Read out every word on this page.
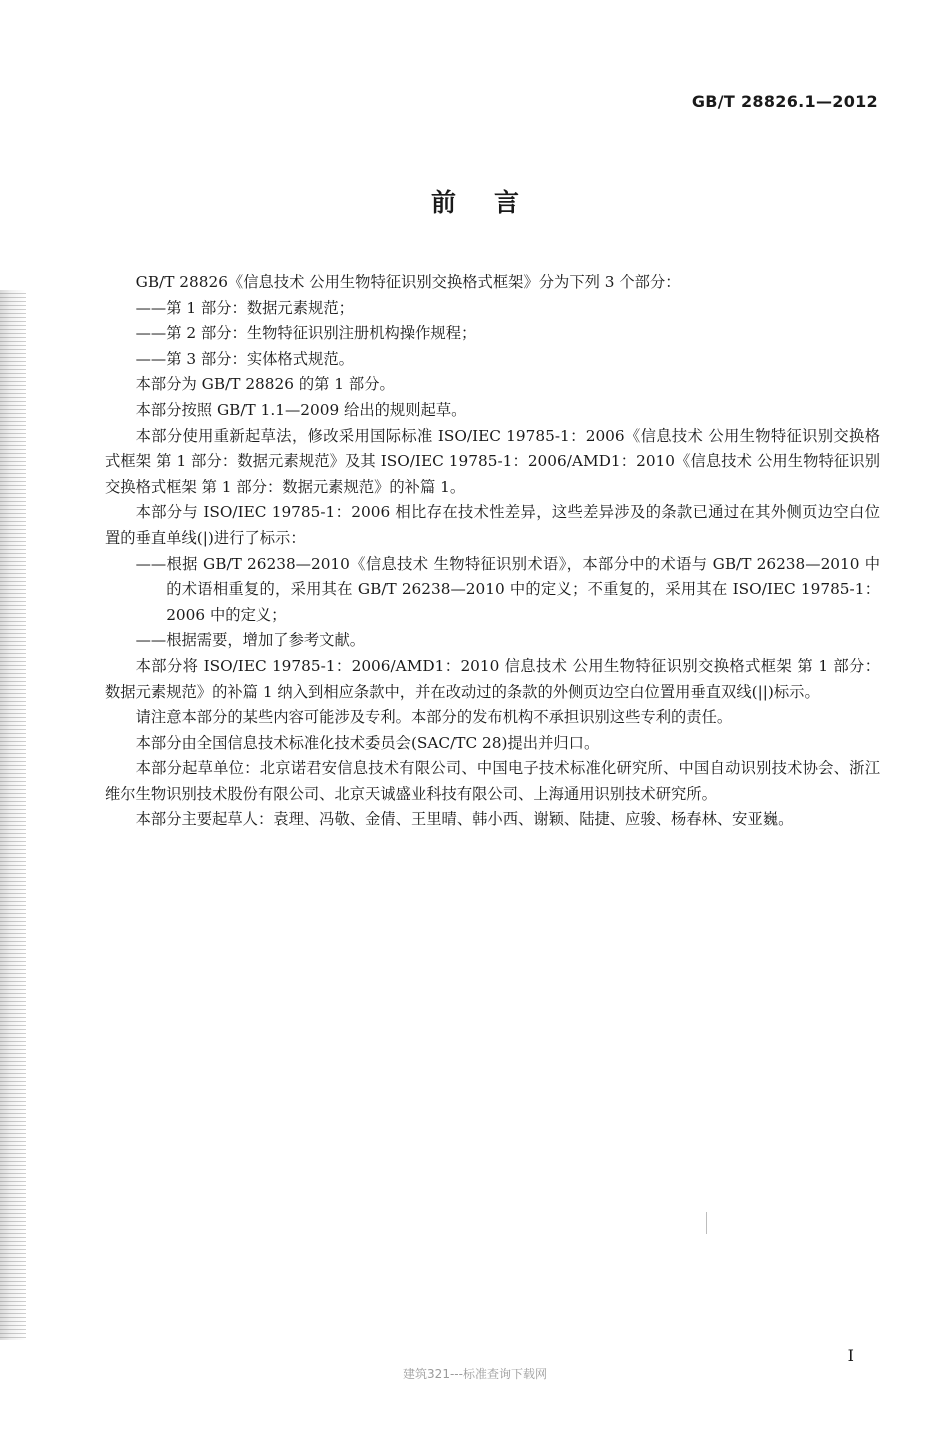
GB/T 28826.1—2012
前言

GB/T 28826《信息技术 公用生物特征识别交换格式框架》分为下列 3 个部分：

——第 1 部分：数据元素规范；

——第 2 部分：生物特征识别注册机构操作规程；

——第 3 部分：实体格式规范。

本部分为 GB/T 28826 的第 1 部分。

本部分按照 GB/T 1.1—2009 给出的规则起草。

本部分使用重新起草法，修改采用国际标准 ISO/IEC 19785-1：2006《信息技术 公用生物特征识别交换格式框架 第 1 部分：数据元素规范》及其 ISO/IEC 19785-1：2006/AMD1：2010《信息技术 公用生物特征识别交换格式框架 第 1 部分：数据元素规范》的补篇 1。

本部分与 ISO/IEC 19785-1：2006 相比存在技术性差异，这些差异涉及的条款已通过在其外侧页边空白位置的垂直单线(|)进行了标示：

——根据 GB/T 26238—2010《信息技术 生物特征识别术语》，本部分中的术语与 GB/T 26238—2010 中的术语相重复的，采用其在 GB/T 26238—2010 中的定义；不重复的，采用其在 ISO/IEC 19785-1：2006 中的定义；

——根据需要，增加了参考文献。

本部分将 ISO/IEC 19785-1：2006/AMD1：2010 信息技术 公用生物特征识别交换格式框架 第 1 部分：数据元素规范》的补篇 1 纳入到相应条款中，并在改动过的条款的外侧页边空白位置用垂直双线(||)标示。

请注意本部分的某些内容可能涉及专利。本部分的发布机构不承担识别这些专利的责任。

本部分由全国信息技术标准化技术委员会(SAC/TC 28)提出并归口。

本部分起草单位：北京诺君安信息技术有限公司、中国电子技术标准化研究所、中国自动识别技术协会、浙江维尔生物识别技术股份有限公司、北京天诚盛业科技有限公司、上海通用识别技术研究所。

本部分主要起草人：袁理、冯敬、金倩、王里晴、韩小西、谢颖、陆捷、应骏、杨春林、安亚巍。

I
建筑321---标准查询下载网
